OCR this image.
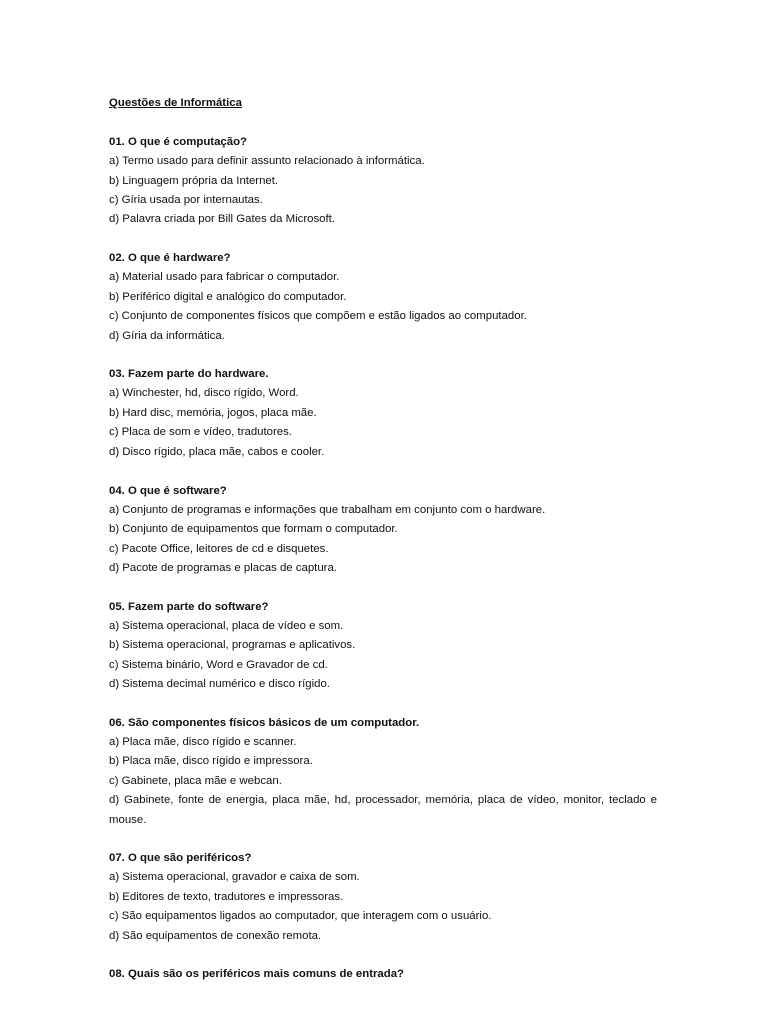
Questões de Informática

01. O que é computação?

a) Termo usado para definir assunto relacionado à informática.

b) Linguagem própria da Internet.

c) Gíria usada por internautas.

d) Palavra criada por Bill Gates da Microsoft.

02. O que é hardware?

a) Material usado para fabricar o computador.

b) Periférico digital e analógico do computador.

c) Conjunto de componentes físicos que compõem e estão ligados ao computador.

d) Gíria da informática.

03. Fazem parte do hardware.

a) Winchester, hd, disco rígido, Word.

b) Hard disc, memória, jogos, placa mãe.

c) Placa de som e vídeo, tradutores.

d) Disco rígido, placa mãe, cabos e cooler.

04. O que é software?

a) Conjunto de programas e informações que trabalham em conjunto com o hardware.

b) Conjunto de equipamentos que formam o computador.

c) Pacote Office, leitores de cd e disquetes.

d) Pacote de programas e placas de captura.

05. Fazem parte do software?

a) Sistema operacional, placa de vídeo e som.

b) Sistema operacional, programas e aplicativos.

c) Sistema binário, Word e Gravador de cd.

d) Sistema decimal numérico e disco rígido.

06. São componentes físicos básicos de um computador.

a) Placa mãe, disco rígido e scanner.

b) Placa mãe, disco rígido e impressora.

c) Gabinete, placa mãe e webcan.

d) Gabinete, fonte de energia, placa mãe, hd, processador, memória, placa de vídeo, monitor, teclado e

mouse.

07. O que são periféricos?

a) Sistema operacional, gravador e caixa de som.

b) Editores de texto, tradutores e impressoras.

c) São equipamentos ligados ao computador, que interagem com o usuário.

d) São equipamentos de conexão remota.

08. Quais são os periféricos mais comuns de entrada?
